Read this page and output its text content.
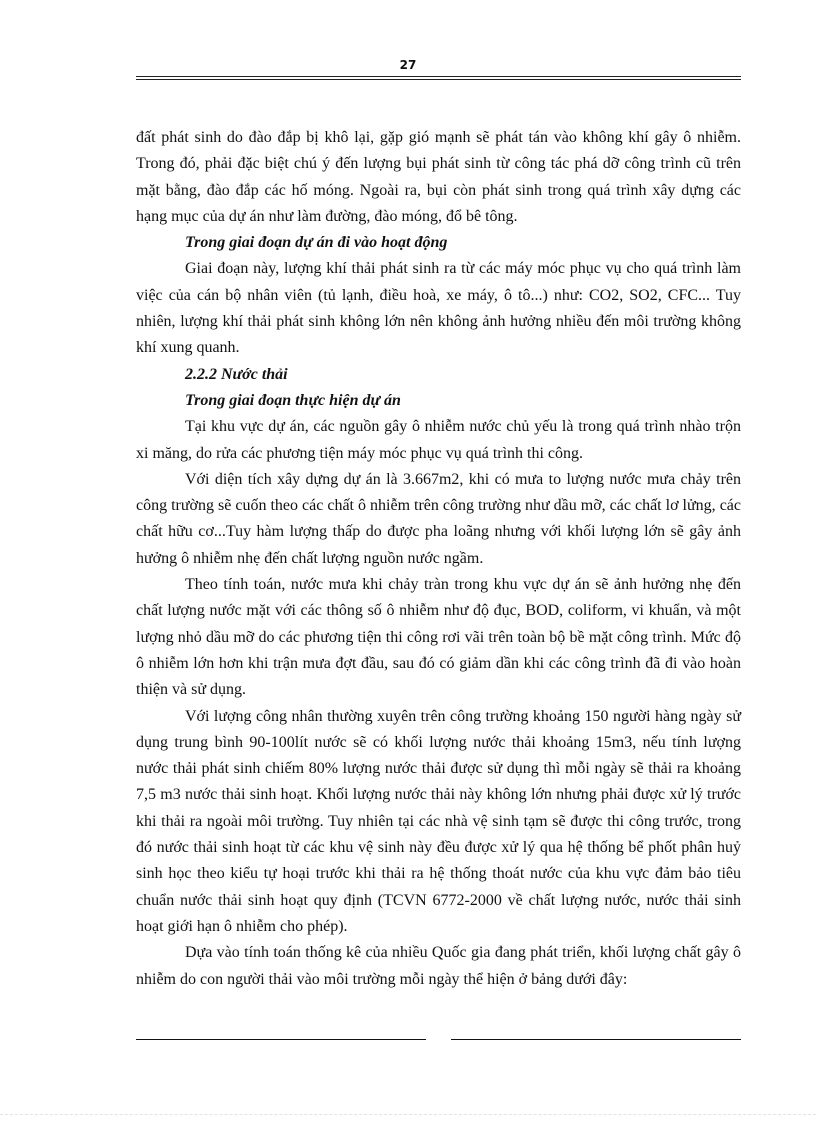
27

đất phát sinh do đào đắp bị khô lại, gặp gió mạnh sẽ phát tán vào không khí gây ô nhiễm. Trong đó, phải đặc biệt chú ý đến lượng bụi phát sinh từ công tác phá dỡ công trình cũ trên mặt bằng, đào đắp các hố móng. Ngoài ra, bụi còn phát sinh trong quá trình xây dựng các hạng mục của dự án như làm đường, đào móng, đổ bê tông.

Trong giai đoạn dự án đi vào hoạt động

Giai đoạn này, lượng khí thải phát sinh ra từ các máy móc phục vụ cho quá trình làm việc của cán bộ nhân viên (tủ lạnh, điều hoà, xe máy, ô tô...) như: CO2, SO2, CFC... Tuy nhiên, lượng khí thải phát sinh không lớn nên không ảnh hưởng nhiều đến môi trường không khí xung quanh.

2.2.2 Nước thải

Trong giai đoạn thực hiện dự án

Tại khu vực dự án, các nguồn gây ô nhiễm nước chủ yếu là trong quá trình nhào trộn xi măng, do rửa các phương tiện máy móc phục vụ quá trình thi công.

Với diện tích xây dựng dự án là 3.667m2, khi có mưa to lượng nước mưa chảy trên công trường sẽ cuốn theo các chất ô nhiễm trên công trường như dầu mỡ, các chất lơ lửng, các chất hữu cơ...Tuy hàm lượng thấp do được pha loãng nhưng với khối lượng lớn sẽ gây ảnh hưởng ô nhiễm nhẹ đến chất lượng nguồn nước ngầm.

Theo tính toán, nước mưa khi chảy tràn trong khu vực dự án sẽ ảnh hưởng nhẹ đến chất lượng nước mặt với các thông số ô nhiễm như độ đục, BOD, coliform, vi khuẩn, và một lượng nhỏ dầu mỡ do các phương tiện thi công rơi vãi trên toàn bộ bề mặt công trình. Mức độ ô nhiễm lớn hơn khi trận mưa đợt đầu, sau đó có giảm dần khi các công trình đã đi vào hoàn thiện và sử dụng.

Với lượng công nhân thường xuyên trên công trường khoảng 150 người hàng ngày sử dụng trung bình 90-100lít nước sẽ có khối lượng nước thải khoảng 15m3, nếu tính lượng nước thải phát sinh chiếm 80% lượng nước thải được sử dụng thì mỗi ngày sẽ thải ra khoảng 7,5 m3 nước thải sinh hoạt. Khối lượng nước thải này không lớn nhưng phải được xử lý trước khi thải ra ngoài môi trường. Tuy nhiên tại các nhà vệ sinh tạm sẽ được thi công trước, trong đó nước thải sinh hoạt từ các khu vệ sinh này đều được xử lý qua hệ thống bể phốt phân huỷ sinh học theo kiểu tự hoại trước khi thải ra hệ thống thoát nước của khu vực đảm bảo tiêu chuẩn nước thải sinh hoạt quy định (TCVN 6772-2000 về chất lượng nước, nước thải sinh hoạt giới hạn ô nhiễm cho phép).

Dựa vào tính toán thống kê của nhiều Quốc gia đang phát triển, khối lượng chất gây ô nhiễm do con người thải vào môi trường mỗi ngày thể hiện ở bảng dưới đây:
